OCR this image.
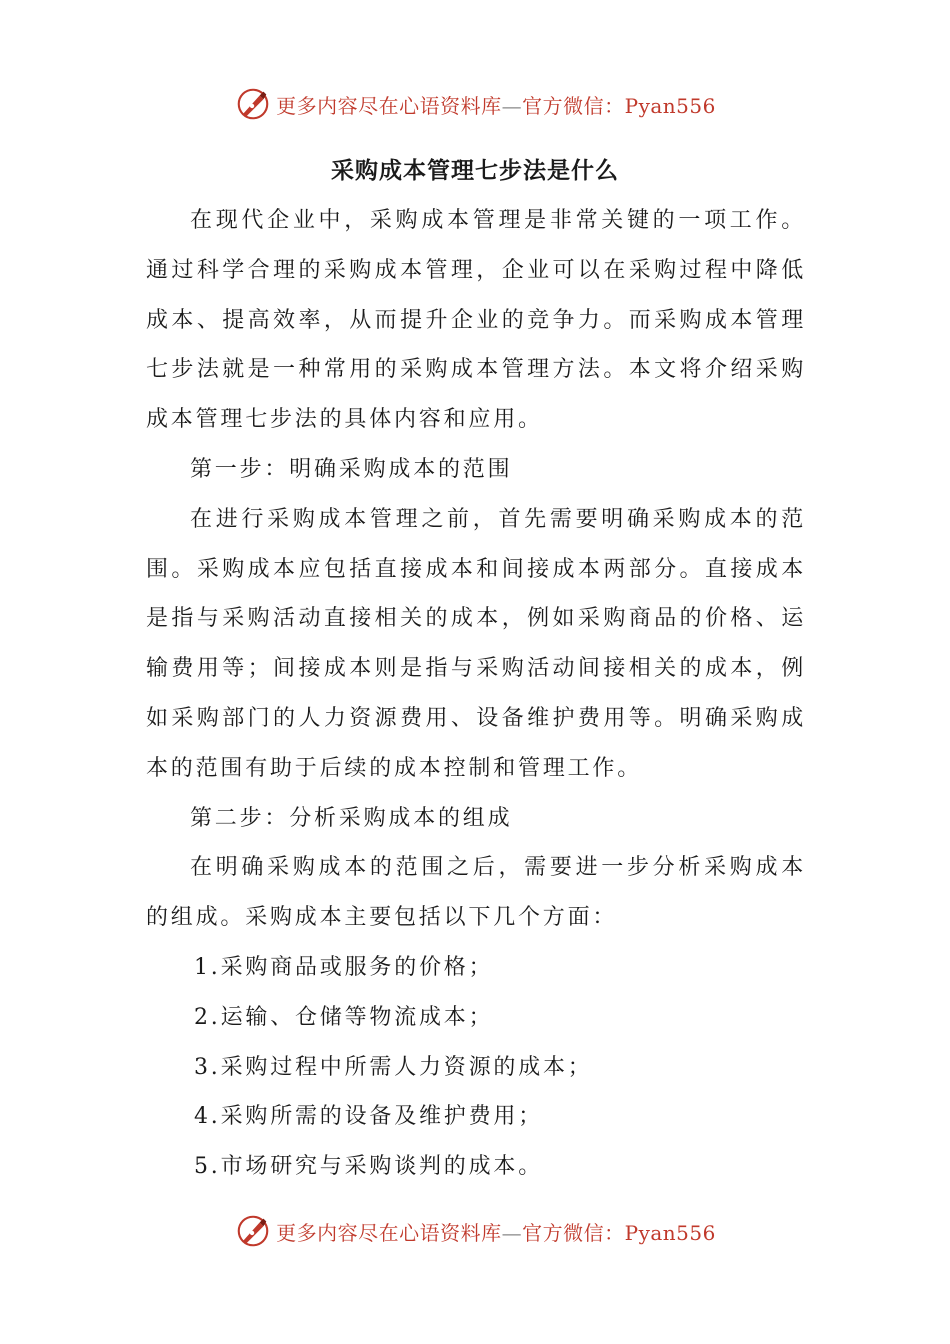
更多内容尽在心语资料库—官方微信：Pyan556
采购成本管理七步法是什么

在现代企业中，采购成本管理是非常关键的一项工作。通过科学合理的采购成本管理，企业可以在采购过程中降低成本、提高效率，从而提升企业的竞争力。而采购成本管理七步法就是一种常用的采购成本管理方法。本文将介绍采购成本管理七步法的具体内容和应用。

第一步：明确采购成本的范围

在进行采购成本管理之前，首先需要明确采购成本的范围。采购成本应包括直接成本和间接成本两部分。直接成本是指与采购活动直接相关的成本，例如采购商品的价格、运输费用等；间接成本则是指与采购活动间接相关的成本，例如采购部门的人力资源费用、设备维护费用等。明确采购成本的范围有助于后续的成本控制和管理工作。

第二步：分析采购成本的组成

在明确采购成本的范围之后，需要进一步分析采购成本的组成。采购成本主要包括以下几个方面：

1.采购商品或服务的价格；

2.运输、仓储等物流成本；

3.采购过程中所需人力资源的成本；

4.采购所需的设备及维护费用；

5.市场研究与采购谈判的成本。

更多内容尽在心语资料库—官方微信：Pyan556
